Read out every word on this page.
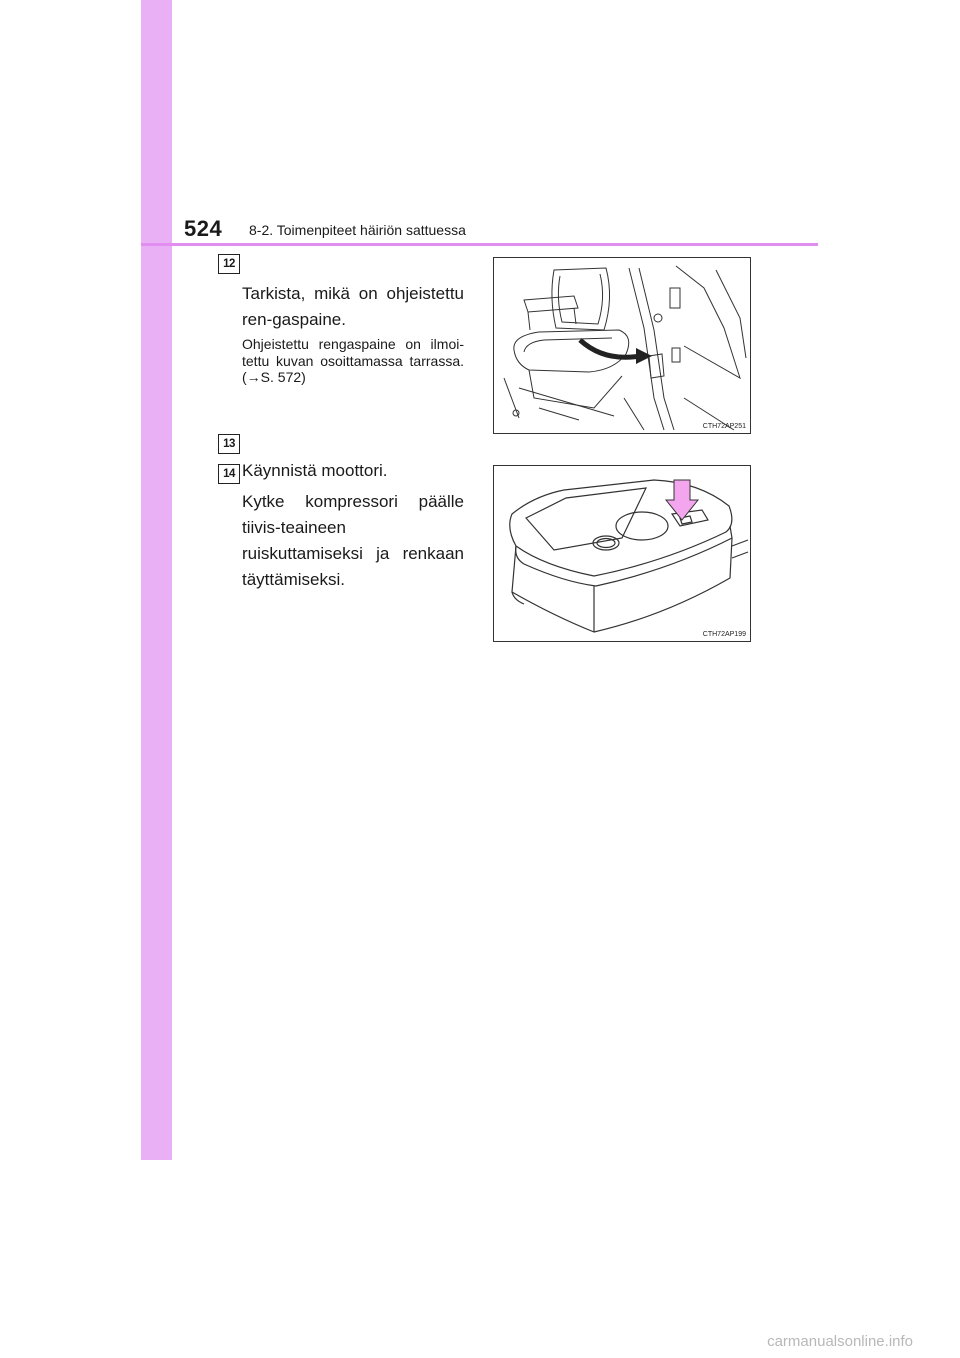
524 8-2. Toimenpiteet häiriön sattuessa
12
Tarkista, mikä on ohjeistettu ren-gaspaine.
Ohjeistettu rengaspaine on ilmoi-tettu kuvan osoittamassa tarrassa. (→S. 572)
CTH72AP251
13
Käynnistä moottori.
14
Kytke kompressori päälle tiivis-teaineen ruiskuttamiseksi ja renkaan täyttämiseksi.
CTH72AP199
carmanualsonline.info
